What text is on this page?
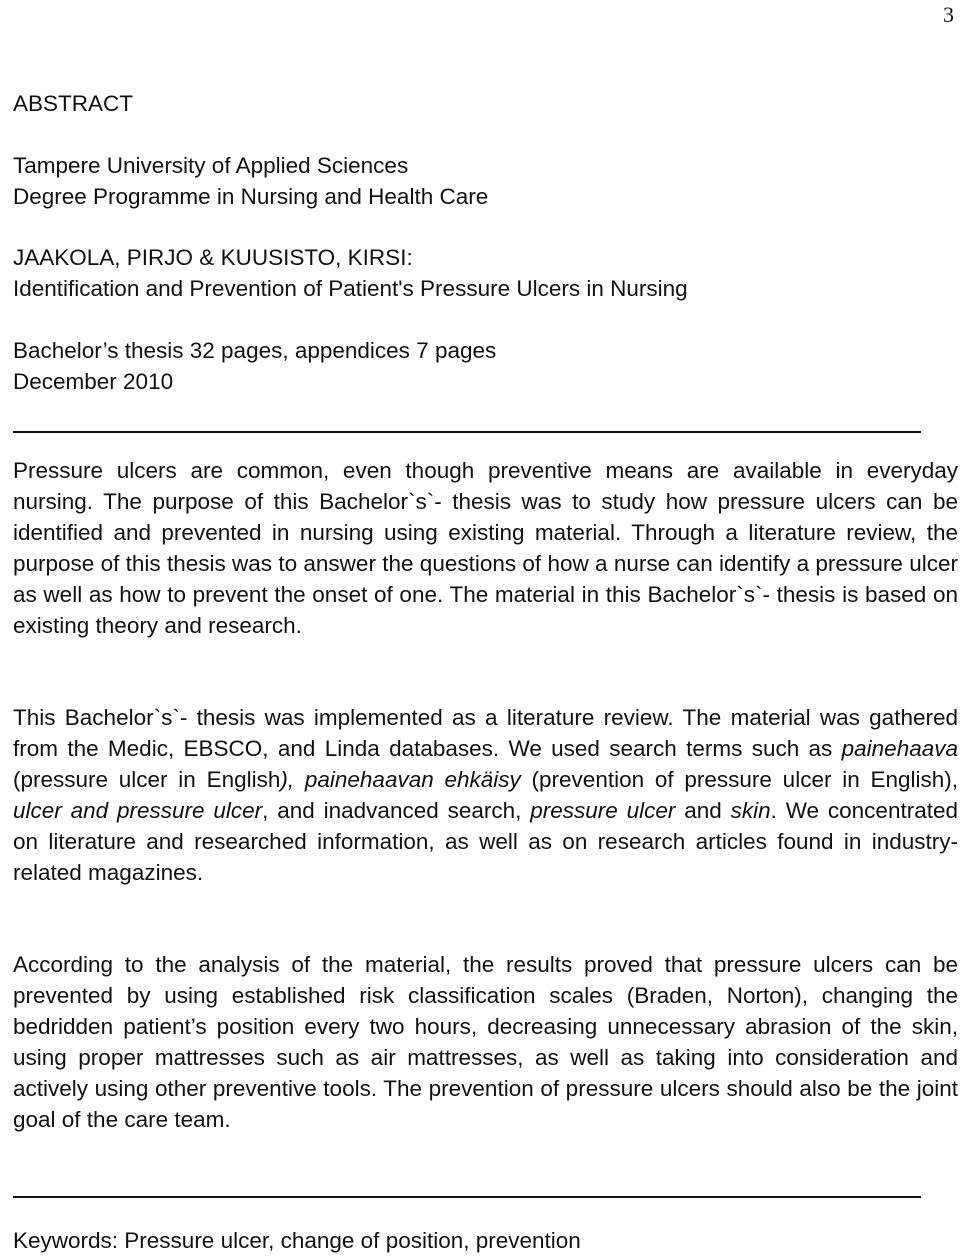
3
ABSTRACT
Tampere University of Applied Sciences
Degree Programme in Nursing and Health Care
JAAKOLA, PIRJO & KUUSISTO, KIRSI:
Identification and Prevention of Patient's Pressure Ulcers in Nursing
Bachelor’s thesis 32 pages, appendices 7 pages
December 2010
Pressure ulcers are common, even though preventive means are available in everyday nursing. The purpose of this Bachelor`s`- thesis was to study how pressure ulcers can be identified and prevented in nursing using existing material. Through a literature review, the purpose of this thesis was to answer the questions of how a nurse can identify a pressure ulcer as well as how to prevent the onset of one. The material in this Bachelor`s`- thesis is based on existing theory and research.
This Bachelor`s`- thesis was implemented as a literature review. The material was gathered from the Medic, EBSCO, and Linda databases. We used search terms such as painehaava (pressure ulcer in English), painehaavan ehkäisy (prevention of pressure ulcer in English), ulcer and pressure ulcer, and inadvanced search, pressure ulcer and skin. We concentrated on literature and researched information, as well as on research articles found in industry-related magazines.
According to the analysis of the material, the results proved that pressure ulcers can be prevented by using established risk classification scales (Braden, Norton), changing the bedridden patient’s position every two hours, decreasing unnecessary abrasion of the skin, using proper mattresses such as air mattresses, as well as taking into consideration and actively using other preventive tools. The prevention of pressure ulcers should also be the joint goal of the care team.
Keywords: Pressure ulcer, change of position, prevention
